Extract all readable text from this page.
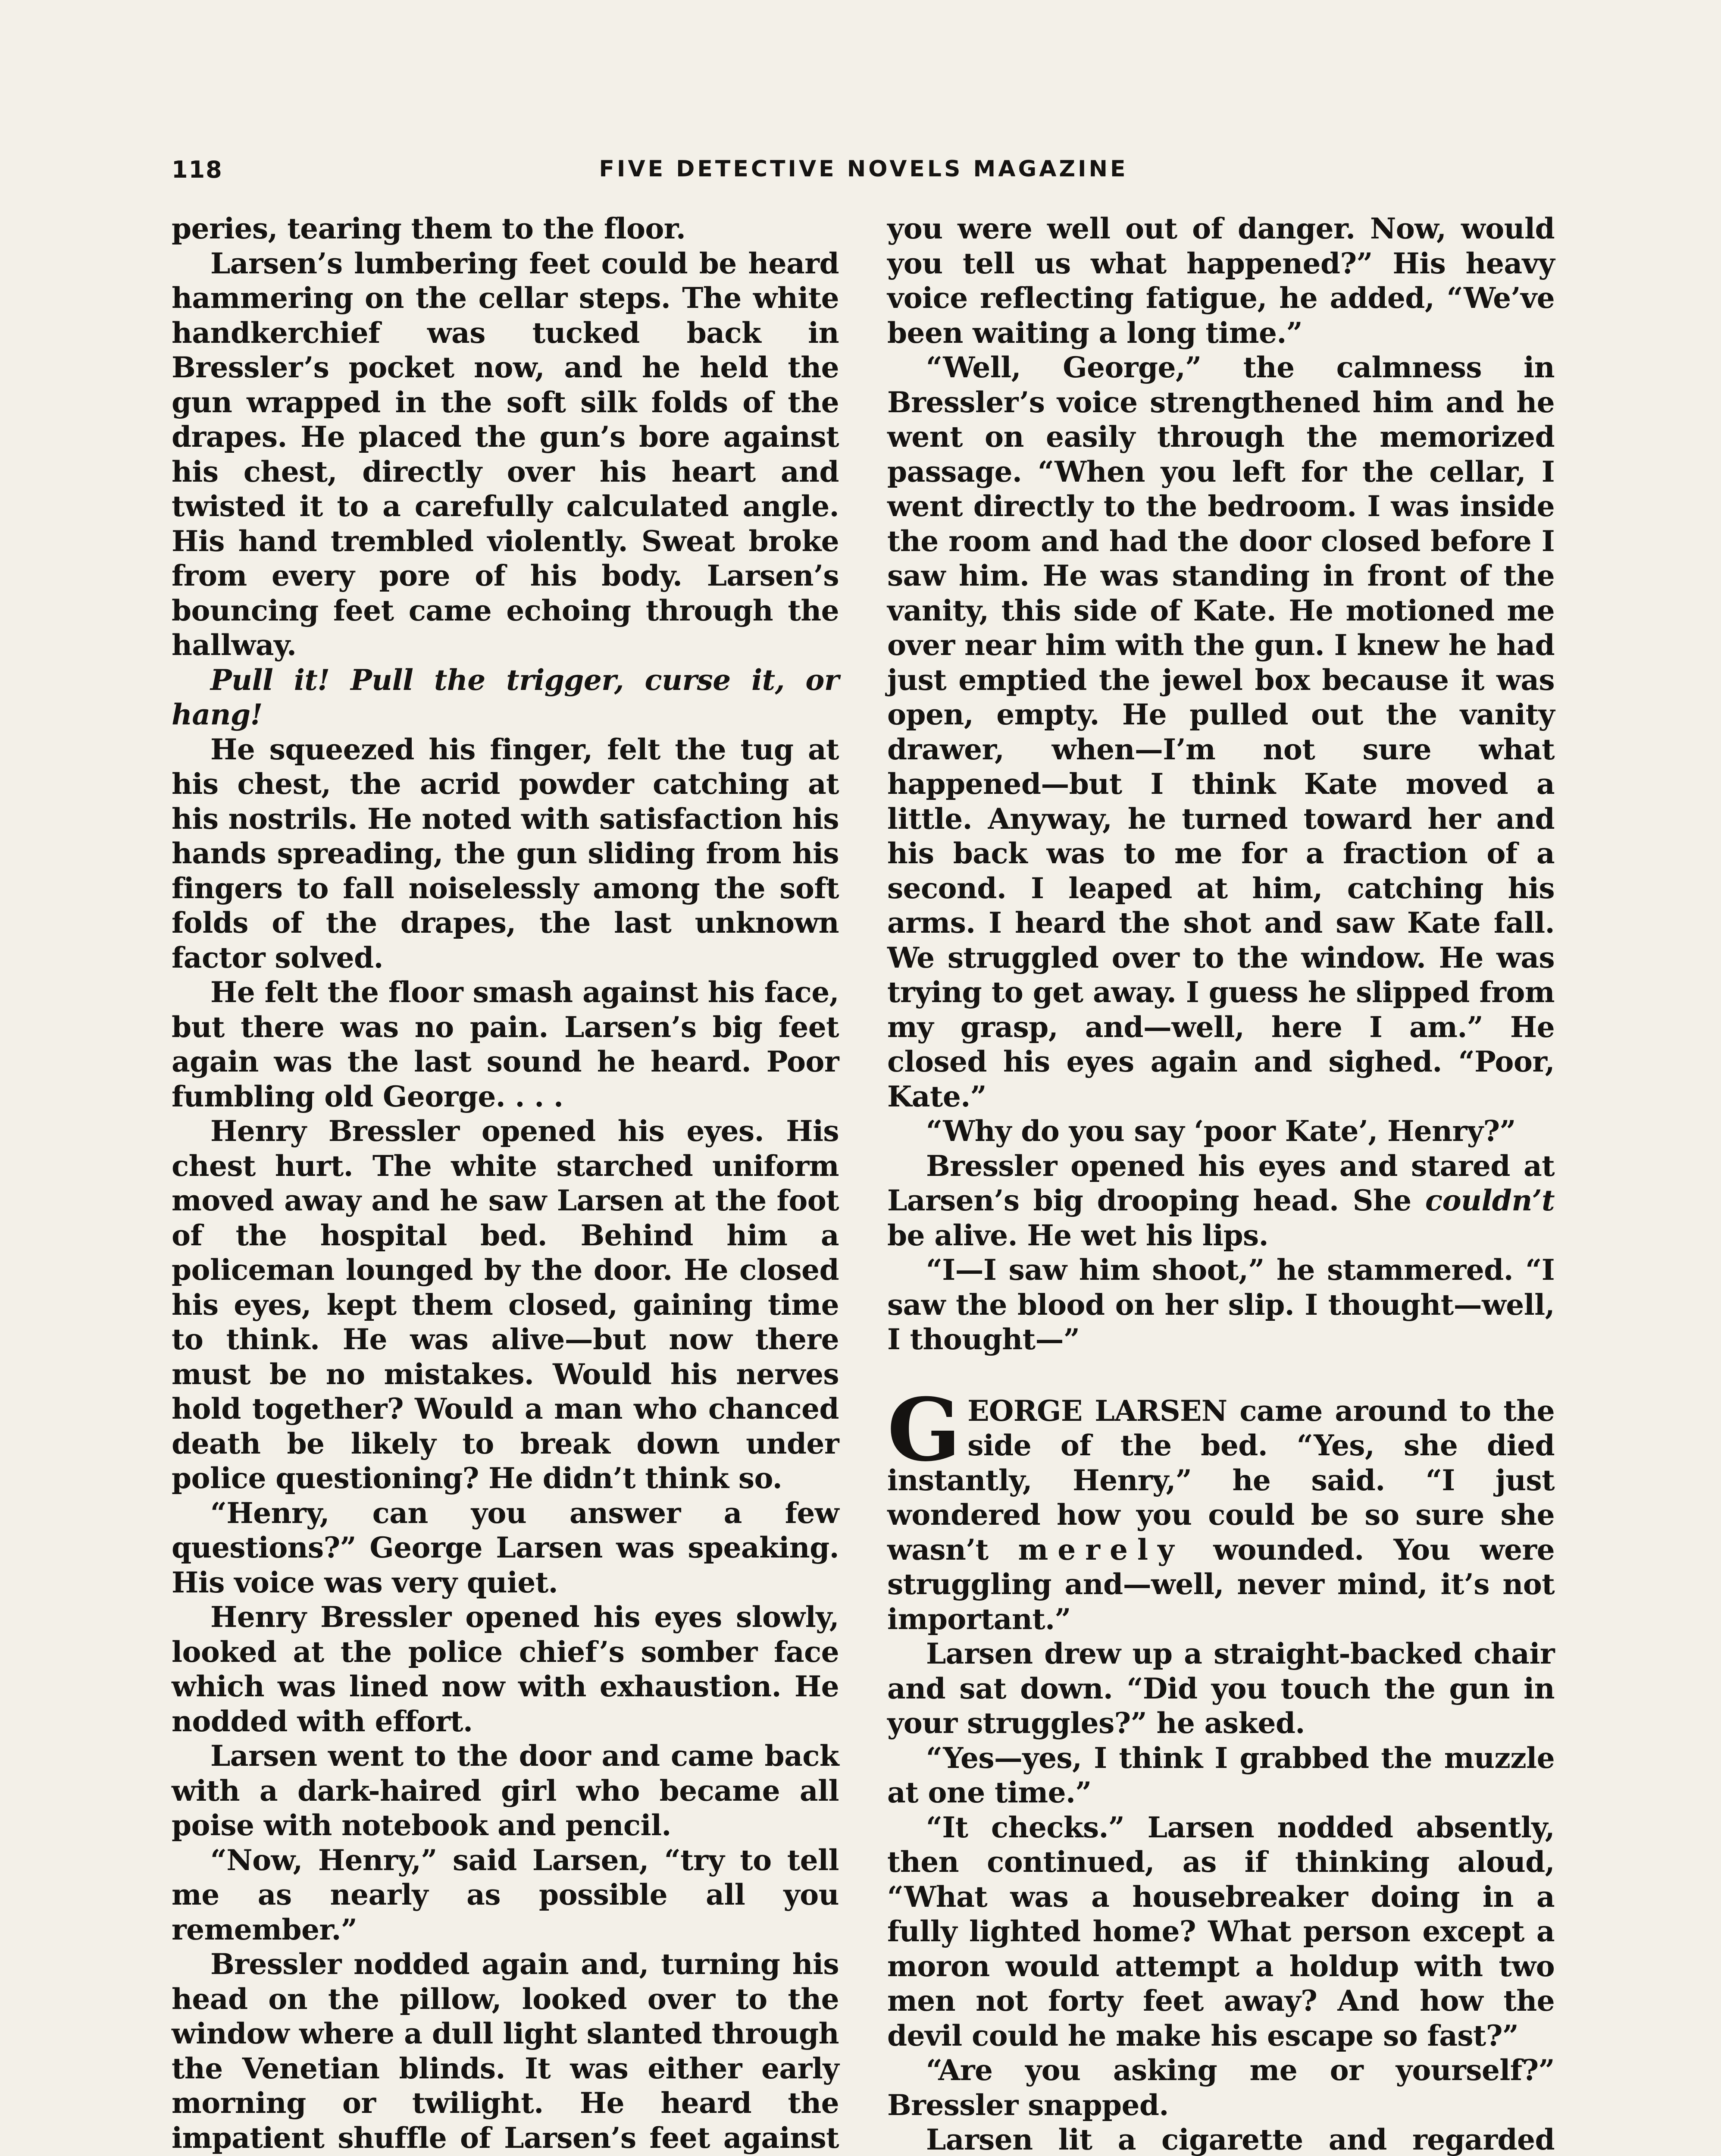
118	FIVE DETECTIVE NOVELS MAGAZINE

peries, tearing them to the floor.

Larsen’s lumbering feet could be heard hammering on the cellar steps. The white handkerchief was tucked back in Bressler’s pocket now, and he held the gun wrapped in the soft silk folds of the drapes. He placed the gun’s bore against his chest, directly over his heart and twisted it to a carefully calculated angle. His hand trembled violently. Sweat broke from every pore of his body. Larsen’s bouncing feet came echoing through the hallway.

Pull it! Pull the trigger, curse it, or hang!

He squeezed his finger, felt the tug at his chest, the acrid powder catching at his nostrils. He noted with satisfaction his hands spreading, the gun sliding from his fingers to fall noiselessly among the soft folds of the drapes, the last unknown factor solved.

He felt the floor smash against his face, but there was no pain. Larsen’s big feet again was the last sound he heard. Poor fumbling old George. . . .

Henry Bressler opened his eyes. His chest hurt. The white starched uniform moved away and he saw Larsen at the foot of the hospital bed. Behind him a policeman lounged by the door. He closed his eyes, kept them closed, gaining time to think. He was alive—but now there must be no mistakes. Would his nerves hold together? Would a man who chanced death be likely to break down under police questioning? He didn’t think so.

“Henry, can you answer a few questions?” George Larsen was speaking. His voice was very quiet.

Henry Bressler opened his eyes slowly, looked at the police chief’s somber face which was lined now with exhaustion. He nodded with effort.

Larsen went to the door and came back with a dark-haired girl who became all poise with notebook and pencil.

“Now, Henry,” said Larsen, “try to tell me as nearly as possible all you remember.”

Bressler nodded again and, turning his head on the pillow, looked over to the window where a dull light slanted through the Venetian blinds. It was either early morning or twilight. He heard the impatient shuffle of Larsen’s feet against

you were well out of danger. Now, would you tell us what happened?” His heavy voice reflecting fatigue, he added, “We’ve been waiting a long time.”

“Well, George,” the calmness in Bressler’s voice strengthened him and he went on easily through the memorized passage. “When you left for the cellar, I went directly to the bedroom. I was inside the room and had the door closed before I saw him. He was standing in front of the vanity, this side of Kate. He motioned me over near him with the gun. I knew he had just emptied the jewel box because it was open, empty. He pulled out the vanity drawer, when—I’m not sure what happened—but I think Kate moved a little. Anyway, he turned toward her and his back was to me for a fraction of a second. I leaped at him, catching his arms. I heard the shot and saw Kate fall. We struggled over to the window. He was trying to get away. I guess he slipped from my grasp, and—well, here I am.” He closed his eyes again and sighed. “Poor, Kate.”

“Why do you say ‘poor Kate’, Henry?”

Bressler opened his eyes and stared at Larsen’s big drooping head. She couldn’t be alive. He wet his lips.

“I—I saw him shoot,” he stammered. “I saw the blood on her slip. I thought—well, I thought—”

GEORGE LARSEN came around to the side of the bed. “Yes, she died instantly, Henry,” he said. “I just wondered how you could be so sure she wasn’t merely wounded. You were struggling and—well, never mind, it’s not important.”

Larsen drew up a straight-backed chair and sat down. “Did you touch the gun in your struggles?” he asked.

“Yes—yes, I think I grabbed the muzzle at one time.”

“It checks.” Larsen nodded absently, then continued, as if thinking aloud, “What was a housebreaker doing in a fully lighted home? What person except a moron would attempt a holdup with two men not forty feet away? And how the devil could he make his escape so fast?”

“Are you asking me or yourself?” Bressler snapped.

Larsen lit a cigarette and regarded
